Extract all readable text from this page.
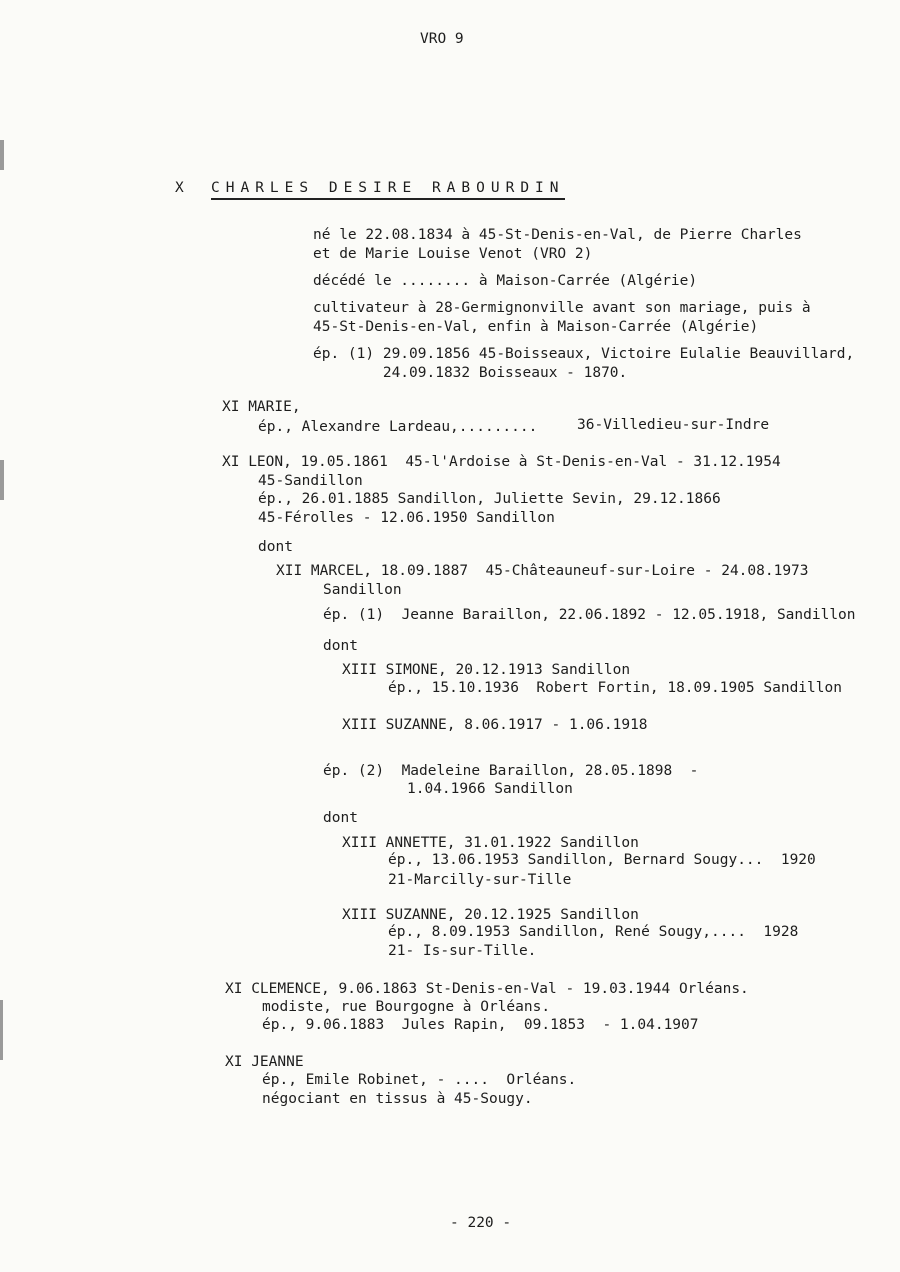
VRO 9
X CHARLES DESIRE RABOURDIN
né le 22.08.1834 à 45-St-Denis-en-Val, de Pierre Charles
et de Marie Louise Venot (VRO 2)
décédé le ........ à Maison-Carrée (Algérie)
cultivateur à 28-Germignonville avant son mariage, puis à
45-St-Denis-en-Val, enfin à Maison-Carrée (Algérie)
ép. (1) 29.09.1856 45-Boisseaux, Victoire Eulalie Beauvillard,
24.09.1832 Boisseaux - 1870.
XI MARIE,
ép., Alexandre Lardeau,.........	36-Villedieu-sur-Indre
XI LEON, 19.05.1861  45-l'Ardoise à St-Denis-en-Val - 31.12.1954
45-Sandillon
ép., 26.01.1885 Sandillon, Juliette Sevin, 29.12.1866
45-Férolles - 12.06.1950 Sandillon
dont
XII MARCEL, 18.09.1887  45-Châteauneuf-sur-Loire - 24.08.1973
Sandillon
ép. (1)  Jeanne Baraillon, 22.06.1892 - 12.05.1918, Sandillon
dont
XIII SIMONE, 20.12.1913 Sandillon
ép., 15.10.1936  Robert Fortin, 18.09.1905 Sandillon
XIII SUZANNE, 8.06.1917 - 1.06.1918
ép. (2)  Madeleine Baraillon, 28.05.1898  -
1.04.1966 Sandillon
dont
XIII ANNETTE, 31.01.1922 Sandillon
ép., 13.06.1953 Sandillon, Bernard Sougy...  1920
21-Marcilly-sur-Tille
XIII SUZANNE, 20.12.1925 Sandillon
ép., 8.09.1953 Sandillon, René Sougy,....  1928
21- Is-sur-Tille.
XI CLEMENCE, 9.06.1863 St-Denis-en-Val - 19.03.1944 Orléans.
modiste, rue Bourgogne à Orléans.
ép., 9.06.1883  Jules Rapin,  09.1853  - 1.04.1907
XI JEANNE
ép., Emile Robinet, - ....  Orléans.
négociant en tissus à 45-Sougy.
- 220 -
